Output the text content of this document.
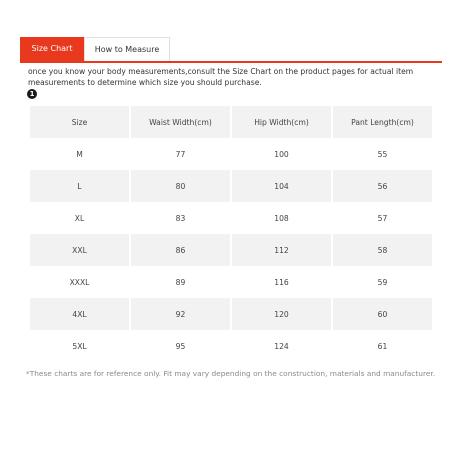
Size Chart	How to Measure
once you know your body measurements,consult the Size Chart on the product pages for actual item measurements to determine which size you should purchase.
1
Size	Waist Width(cm)	Hip Width(cm)	Pant Length(cm)
M	77	100	55
L	80	104	56
XL	83	108	57
XXL	86	112	58
XXXL	89	116	59
4XL	92	120	60
5XL	95	124	61
*These charts are for reference only. Fit may vary depending on the construction, materials and manufacturer.
